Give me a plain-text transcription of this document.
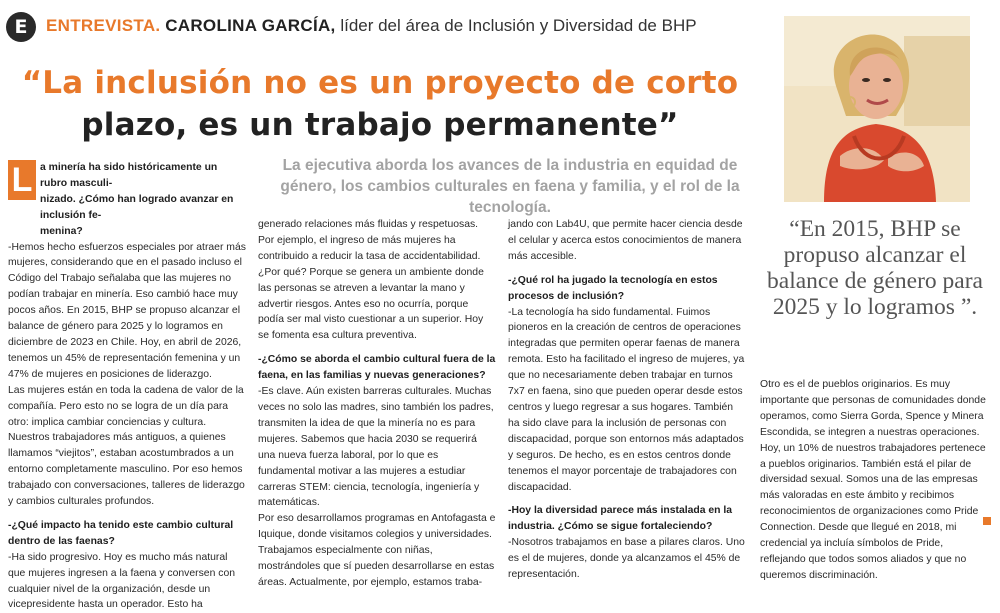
E	ENTREVISTA. CAROLINA GARCÍA, líder del área de Inclusión y Diversidad de BHP
“La inclusión no es un proyecto de corto
plazo, es un trabajo permanente”
La ejecutiva aborda los avances de la industria en equidad de género, los cambios culturales en faena y familia, y el rol de la tecnología.
L a minería ha sido históricamente un rubro masculi-

nizado. ¿Cómo han logrado avanzar en inclusión fe-

menina?

-Hemos hecho esfuerzos especiales por atraer más mujeres, considerando que en el pasado incluso el Código del Trabajo señalaba que las mujeres no podían trabajar en minería. Eso cambió hace muy pocos años. En 2015, BHP se propuso alcanzar el balance de género para 2025 y lo logramos en diciembre de 2023 en Chile. Hoy, en abril de 2026, tenemos un 45% de representación femenina y un 47% de mujeres en posiciones de liderazgo.

Las mujeres están en toda la cadena de valor de la compañía. Pero esto no se logra de un día para otro: implica cambiar conciencias y cultura. Nuestros trabajadores más antiguos, a quienes llamamos “viejitos”, estaban acostumbrados a un entorno completamente masculino. Por eso hemos trabajado con conversaciones, talleres de liderazgo y cambios culturales profundos.

-¿Qué impacto ha tenido este cambio cultural dentro de las faenas?

-Ha sido progresivo. Hoy es mucho más natural que mujeres ingresen a la faena y conversen con cualquier nivel de la organización, desde un vicepresidente hasta un operador. Esto ha

generado relaciones más fluidas y respetuosas. Por ejemplo, el ingreso de más mujeres ha contribuido a reducir la tasa de accidentabilidad. ¿Por qué? Porque se genera un ambiente donde las personas se atreven a levantar la mano y advertir riesgos. Antes eso no ocurría, porque podía ser mal visto cuestionar a un superior. Hoy se fomenta esa cultura preventiva.

-¿Cómo se aborda el cambio cultural fuera de la faena, en las familias y nuevas generaciones?

-Es clave. Aún existen barreras culturales. Muchas veces no solo las madres, sino también los padres, transmiten la idea de que la minería no es para mujeres. Sabemos que hacia 2030 se requerirá una nueva fuerza laboral, por lo que es fundamental motivar a las mujeres a estudiar carreras STEM: ciencia, tecnología, ingeniería y matemáticas.

Por eso desarrollamos programas en Antofagasta e Iquique, donde visitamos colegios y universidades. Trabajamos especialmente con niñas, mostrándoles que sí pueden desarrollarse en estas áreas. Actualmente, por ejemplo, estamos traba-

jando con Lab4U, que permite hacer ciencia desde el celular y acerca estos conocimientos de manera más accesible.

-¿Qué rol ha jugado la tecnología en estos procesos de inclusión?

-La tecnología ha sido fundamental. Fuimos pioneros en la creación de centros de operaciones integradas que permiten operar faenas de manera remota. Esto ha facilitado el ingreso de mujeres, ya que no necesariamente deben trabajar en turnos 7x7 en faena, sino que pueden operar desde estos centros y luego regresar a sus hogares. También ha sido clave para la inclusión de personas con discapacidad, porque son entornos más adaptados y seguros. De hecho, es en estos centros donde tenemos el mayor porcentaje de trabajadores con discapacidad.

-Hoy la diversidad parece más instalada en la industria. ¿Cómo se sigue fortaleciendo?

-Nosotros trabajamos en base a pilares claros. Uno es el de mujeres, donde ya alcanzamos el 45% de representación.

“En 2015, BHP se propuso alcanzar el balance de género para 2025 y lo logramos ”.

Otro es el de pueblos originarios. Es muy importante que personas de comunidades donde operamos, como Sierra Gorda, Spence y Minera Escondida, se integren a nuestras operaciones. Hoy, un 10% de nuestros trabajadores pertenece a pueblos originarios. También está el pilar de diversidad sexual. Somos una de las empresas más valoradas en este ámbito y recibimos reconocimientos de organizaciones como Pride Connection. Desde que llegué en 2018, mi credencial ya incluía símbolos de Pride, reflejando que todos somos aliados y que no queremos discriminación.
